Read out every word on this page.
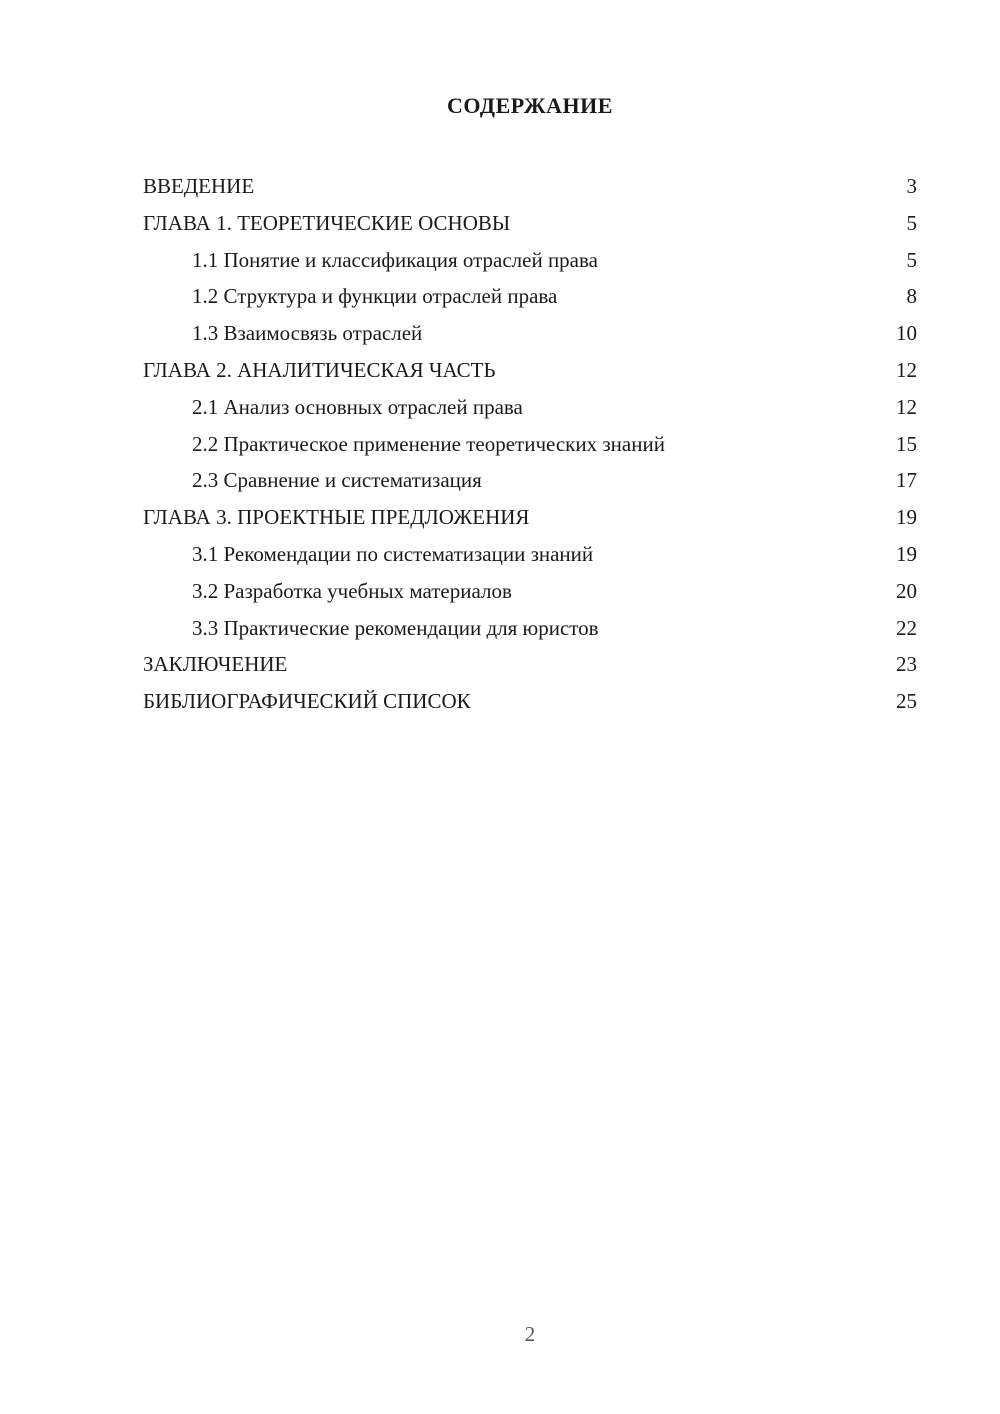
СОДЕРЖАНИЕ
ВВЕДЕНИЕ	3
ГЛАВА 1. ТЕОРЕТИЧЕСКИЕ ОСНОВЫ	5
1.1 Понятие и классификация отраслей права	5
1.2 Структура и функции отраслей права	8
1.3 Взаимосвязь отраслей	10
ГЛАВА 2. АНАЛИТИЧЕСКАЯ ЧАСТЬ	12
2.1 Анализ основных отраслей права	12
2.2 Практическое применение теоретических знаний	15
2.3 Сравнение и систематизация	17
ГЛАВА 3. ПРОЕКТНЫЕ ПРЕДЛОЖЕНИЯ	19
3.1 Рекомендации по систематизации знаний	19
3.2 Разработка учебных материалов	20
3.3 Практические рекомендации для юристов	22
ЗАКЛЮЧЕНИЕ	23
БИБЛИОГРАФИЧЕСКИЙ СПИСОК	25
2
